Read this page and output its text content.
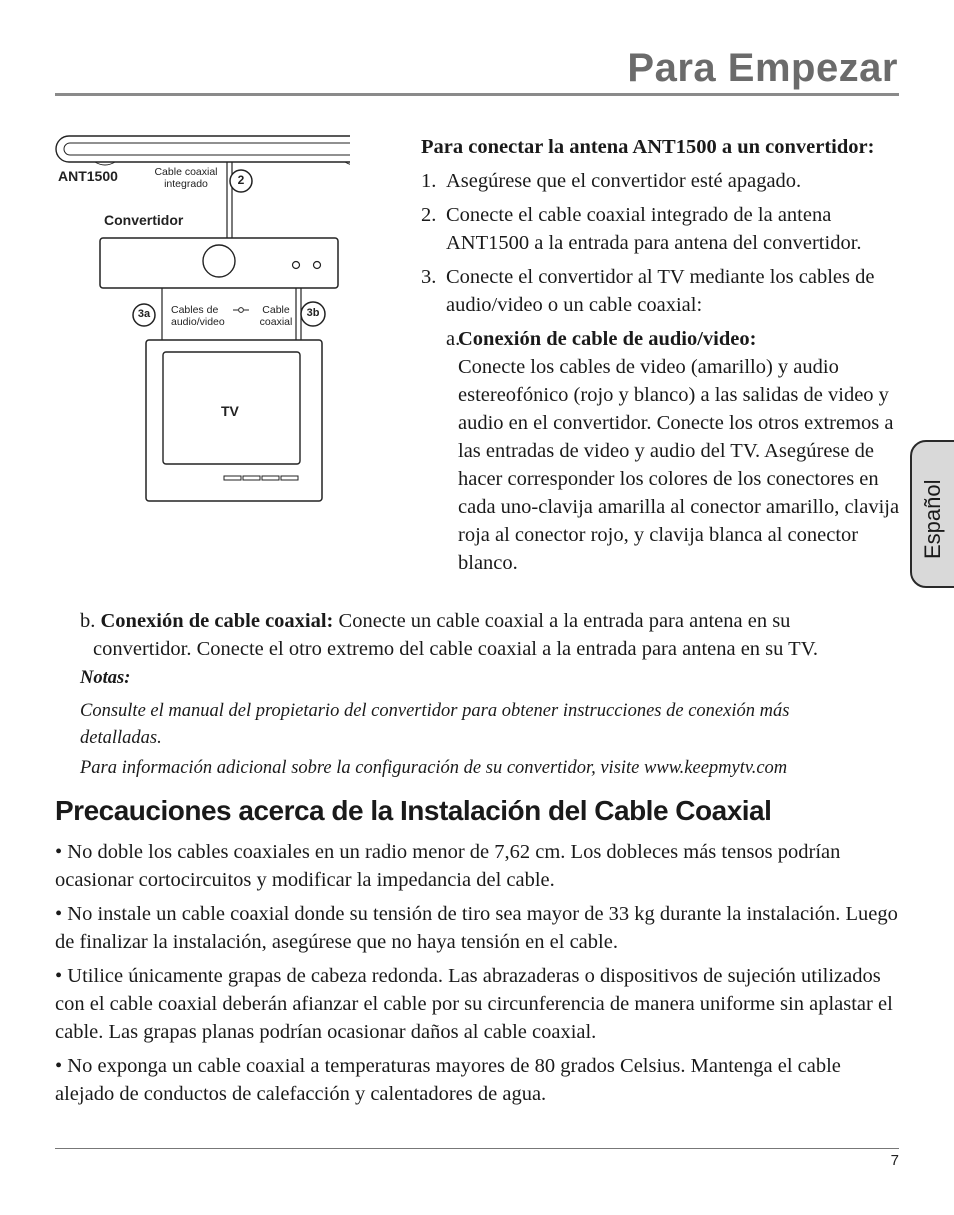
Para Empezar
ANT1500	Cable coaxial
integrado	2
Convertidor
3a	Cables de
audio/video
Cable
coaxial
3b
TV
Para conectar la antena ANT1500 a un convertidor:
1. Asegúrese que el convertidor esté apagado.
2. Conecte el cable coaxial integrado de la antena ANT1500 a la entrada para antena del convertidor.
3. Conecte el convertidor al TV mediante los cables de audio/video o un cable coaxial:
a.
Conexión de cable de audio/video:
Conecte los cables de video (amarillo) y audio estereofónico (rojo y blanco) a las salidas de video y audio en el convertidor. Conecte los otros extremos a las entradas de video y audio del TV. Asegúrese de hacer corresponder los colores de los conectores en cada uno-clavija amarilla al conector amarillo, clavija roja al conector rojo, y clavija blanca al conector blanco.
b. Conexión de cable coaxial: Conecte un cable coaxial a la entrada para antena en su
convertidor. Conecte el otro extremo del cable coaxial a la entrada para antena en su TV.
Notas:
Consulte el manual del propietario del convertidor para obtener instrucciones de conexión más detalladas.
Para información adicional sobre la configuración de su convertidor, visite www.keepmytv.com
Precauciones acerca de la Instalación del Cable Coaxial
• No doble los cables coaxiales en un radio menor de 7,62 cm. Los dobleces más tensos podrían ocasionar cortocircuitos y modificar la impedancia del cable.
• No instale un cable coaxial donde su tensión de tiro sea mayor de 33 kg durante la instalación. Luego de finalizar la instalación, asegúrese que no haya tensión en el cable.
• Utilice únicamente grapas de cabeza redonda. Las abrazaderas o dispositivos de sujeción utilizados con el cable coaxial deberán afianzar el cable por su circunferencia de manera uniforme sin aplastar el cable. Las grapas planas podrían ocasionar daños al cable coaxial.
• No exponga un cable coaxial a temperaturas mayores de 80 grados Celsius. Mantenga el cable alejado de conductos de calefacción y calentadores de agua.
7
Español
